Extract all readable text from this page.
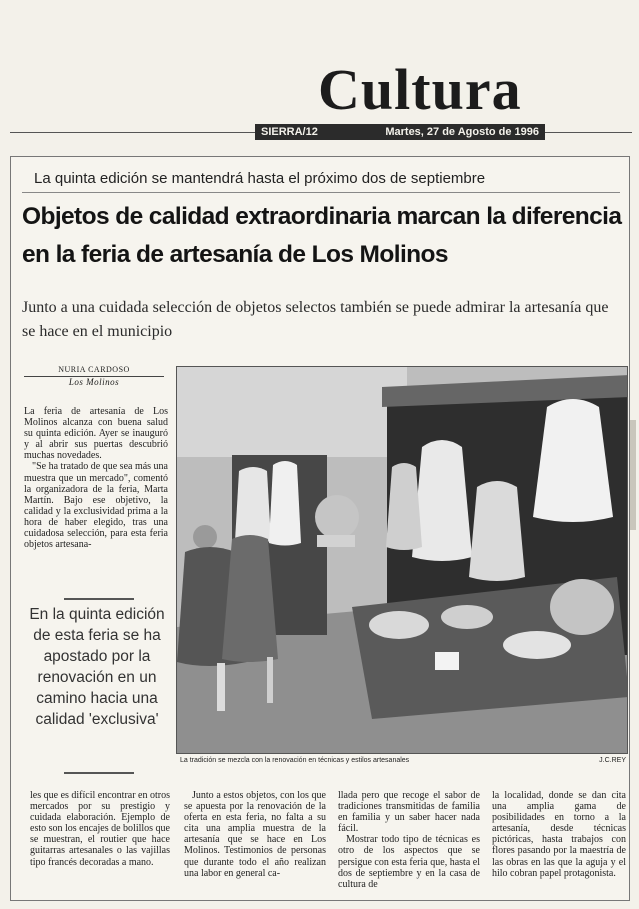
Cultura
SIERRA/12	Martes, 27 de Agosto de 1996
La quinta edición se mantendrá hasta el próximo dos de septiembre
Objetos de calidad extraordinaria marcan la diferencia en la feria de artesanía de Los Molinos
Junto a una cuidada selección de objetos selectos también se puede admirar la artesanía que se hace en el municipio
NURIA CARDOSO
Los Molinos

La feria de artesanía de Los Molinos alcanza con buena salud su quinta edición. Ayer se inauguró y al abrir sus puertas descubrió muchas novedades.

"Se ha tratado de que sea más una muestra que un mercado", comentó la organizadora de la feria, Marta Martín. Bajo ese objetivo, la calidad y la exclusividad prima a la hora de haber elegido, tras una cuidadosa selección, para esta feria objetos artesana-

En la quinta edición de esta feria se ha apostado por la renovación en un camino hacia una calidad 'exclusiva'
La tradición se mezcla con la renovación en técnicas y estilos artesanales	J.C.REY

les que es difícil encontrar en otros mercados por su prestigio y cuidada elaboración. Ejemplo de esto son los encajes de bolillos que se muestran, el routier que hace guitarras artesanales o las vajillas tipo francés decoradas a mano.

Junto a estos objetos, con los que se apuesta por la renovación de la oferta en esta feria, no falta a su cita una amplia muestra de la artesanía que se hace en Los Molinos. Testimonios de personas que durante todo el año realizan una labor en general ca-

llada pero que recoge el sabor de tradiciones transmitidas de familia en familia y un saber hacer nada fácil.

Mostrar todo tipo de técnicas es otro de los aspectos que se persigue con esta feria que, hasta el dos de septiembre y en la casa de cultura de

la localidad, donde se dan cita una amplia gama de posibilidades en torno a la artesanía, desde técnicas pictóricas, hasta trabajos con flores pasando por la maestría de las obras en las que la aguja y el hilo cobran papel protagonista.
